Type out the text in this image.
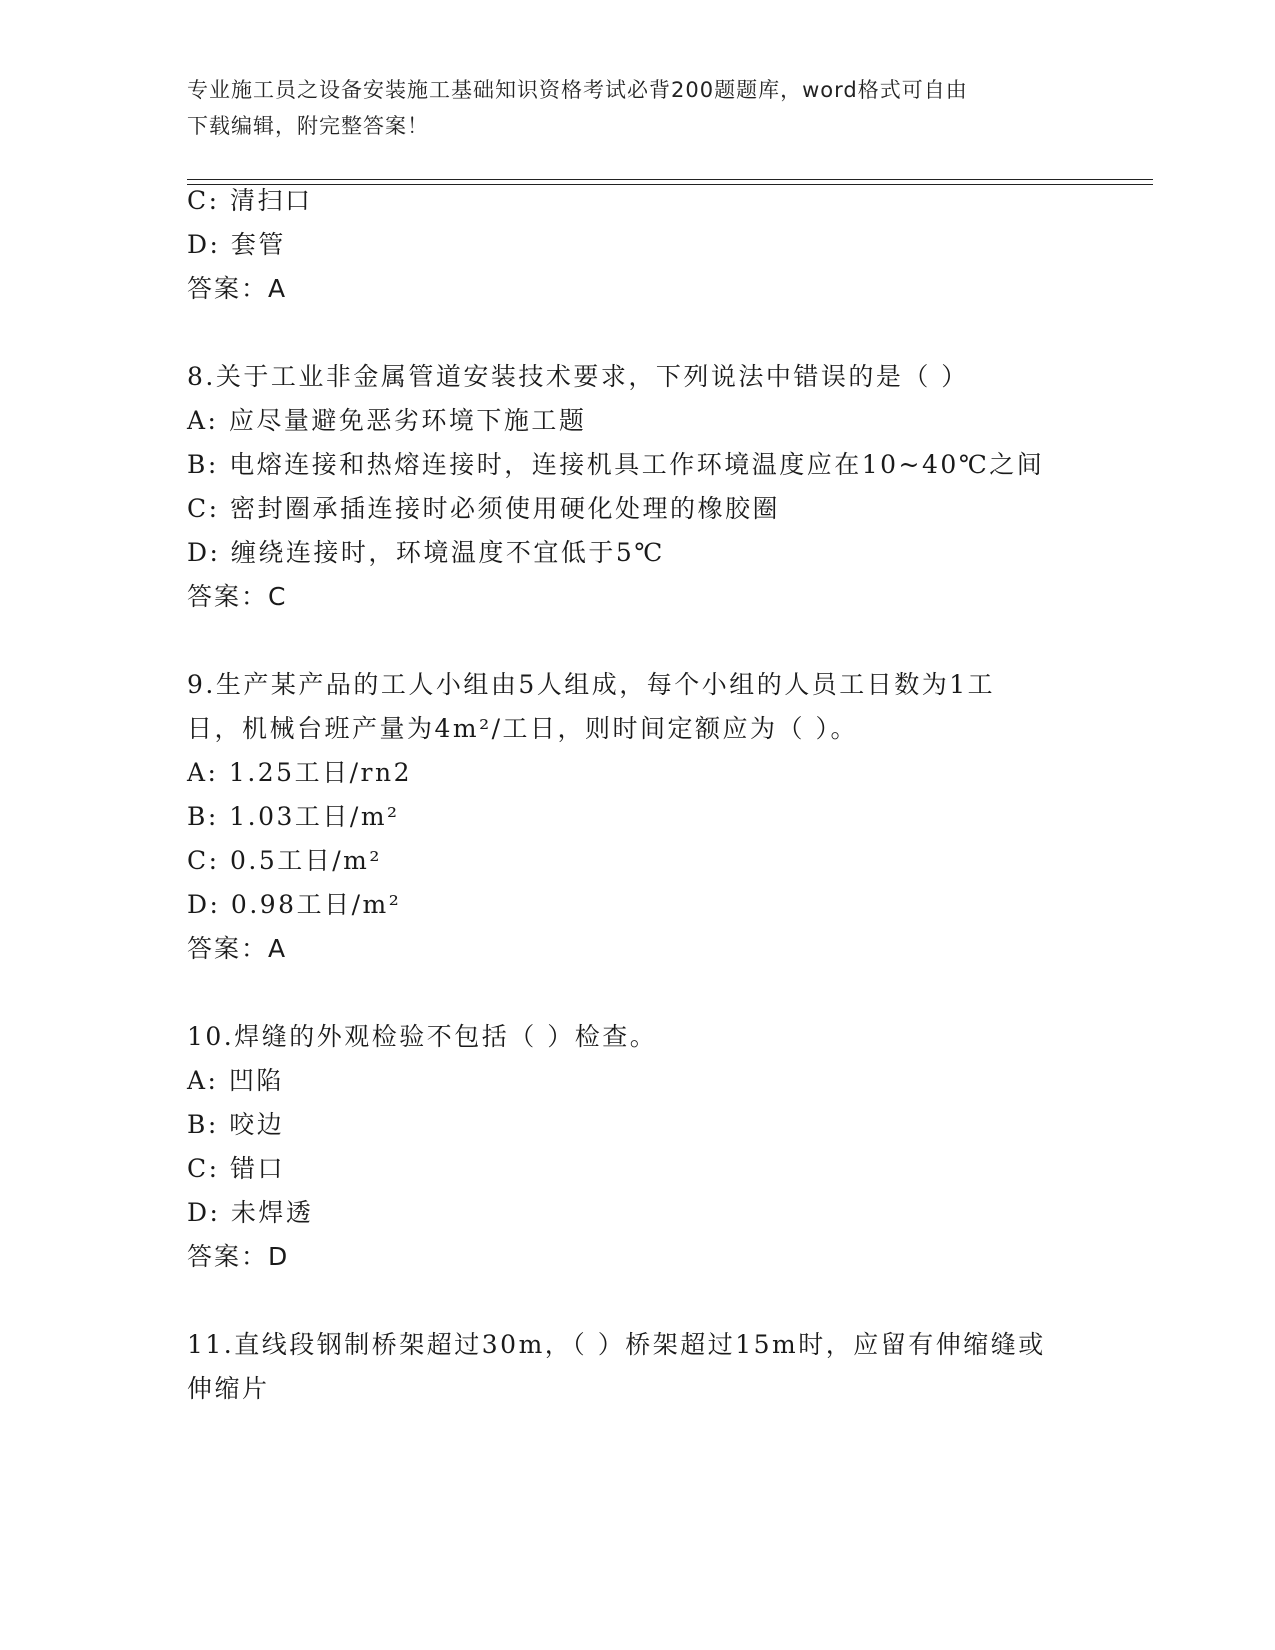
专业施工员之设备安装施工基础知识资格考试必背200题题库，word格式可自由
下载编辑，附完整答案！
C: 清扫口
D: 套管
答案：A
8.关于工业非金属管道安装技术要求，下列说法中错误的是（ ）
A: 应尽量避免恶劣环境下施工题
B: 电熔连接和热熔连接时，连接机具工作环境温度应在10~40℃之间
C: 密封圈承插连接时必须使用硬化处理的橡胶圈
D: 缠绕连接时，环境温度不宜低于5℃
答案：C
9.生产某产品的工人小组由5人组成，每个小组的人员工日数为1工
日，机械台班产量为4m²/工日，则时间定额应为（ ）。
A: 1.25工日/rn2
B: 1.03工日/m²
C: 0.5工日/m²
D: 0.98工日/m²
答案：A
10.焊缝的外观检验不包括（ ）检查。
A: 凹陷
B: 咬边
C: 错口
D: 未焊透
答案：D
11.直线段钢制桥架超过30m，（ ）桥架超过15m时，应留有伸缩缝或
伸缩片
